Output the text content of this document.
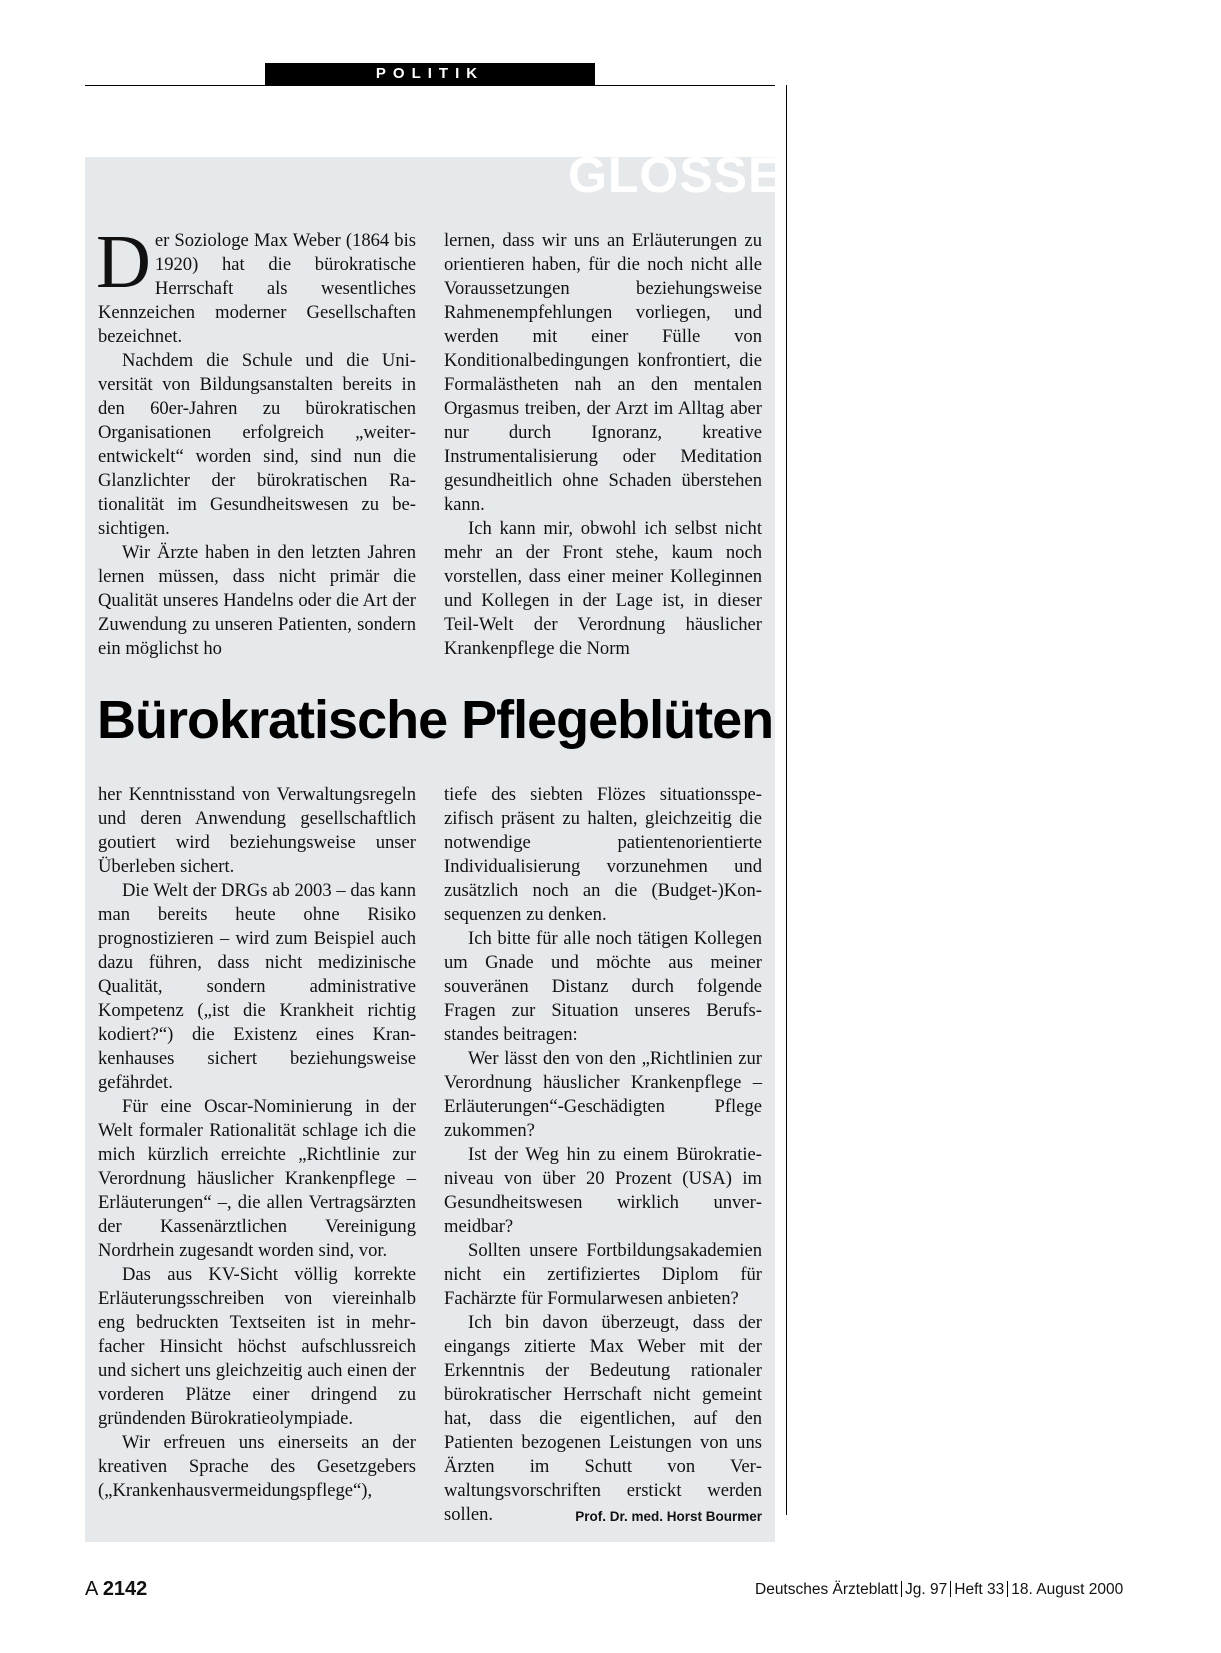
POLITIK
GLOSSE

Der Soziologe Max Weber (1864 bis 1920) hat die bürokratische Herrschaft als wesentliches Kennzeichen moderner Gesellschaften bezeichnet.

Nachdem die Schule und die Universität von Bildungsanstalten bereits in den 60er-Jahren zu bürokratischen Organisationen erfolgreich „weiterentwickelt“ worden sind, sind nun die Glanzlichter der bürokratischen Rationalität im Gesundheitswesen zu besichtigen.

Wir Ärzte haben in den letzten Jahren lernen müssen, dass nicht primär die Qualität unseres Handelns oder die Art der Zuwendung zu unseren Patienten, sondern ein möglichst ho

lernen, dass wir uns an Erläuterungen zu orientieren haben, für die noch nicht alle Voraussetzungen beziehungsweise Rahmenempfehlungen vorliegen, und werden mit einer Fülle von Konditionalbedingungen konfrontiert, die Formalästheten nah an den mentalen Orgasmus treiben, der Arzt im Alltag aber nur durch Ignoranz, kreative Instrumentalisierung oder Meditation gesundheitlich ohne Schaden überstehen kann.

Ich kann mir, obwohl ich selbst nicht mehr an der Front stehe, kaum noch vorstellen, dass einer meiner Kolleginnen und Kollegen in der Lage ist, in dieser Teil-Welt der Verordnung häuslicher Krankenpflege die Norm

Bürokratische Pflegeblüten

her Kenntnisstand von Verwaltungsregeln und deren Anwendung gesellschaftlich goutiert wird beziehungsweise unser Überleben sichert.

Die Welt der DRGs ab 2003 – das kann man bereits heute ohne Risiko prognostizieren – wird zum Beispiel auch dazu führen, dass nicht medizinische Qualität, sondern administrative Kompetenz („ist die Krankheit richtig kodiert?“) die Existenz eines Krankenhauses sichert beziehungsweise gefährdet.

Für eine Oscar-Nominierung in der Welt formaler Rationalität schlage ich die mich kürzlich erreichte „Richtlinie zur Verordnung häuslicher Krankenpflege – Erläuterungen“ –, die allen Vertragsärzten der Kassenärztlichen Vereinigung Nordrhein zugesandt worden sind, vor.

Das aus KV-Sicht völlig korrekte Erläuterungsschreiben von viereinhalb eng bedruckten Textseiten ist in mehrfacher Hinsicht höchst aufschlussreich und sichert uns gleichzeitig auch einen der vorderen Plätze einer dringend zu gründenden Bürokratieolympiade.

Wir erfreuen uns einerseits an der kreativen Sprache des Gesetzgebers („Krankenhausvermeidungspflege“),

tiefe des siebten Flözes situationsspezifisch präsent zu halten, gleichzeitig die notwendige patientenorientierte Individualisierung vorzunehmen und zusätzlich noch an die (Budget-)Konsequenzen zu denken.

Ich bitte für alle noch tätigen Kollegen um Gnade und möchte aus meiner souveränen Distanz durch folgende Fragen zur Situation unseres Berufsstandes beitragen:

Wer lässt den von den „Richtlinien zur Verordnung häuslicher Krankenpflege – Erläuterungen“-Geschädigten Pflege zukommen?

Ist der Weg hin zu einem Bürokratieniveau von über 20 Prozent (USA) im Gesundheitswesen wirklich unvermeidbar?

Sollten unsere Fortbildungsakademien nicht ein zertifiziertes Diplom für Fachärzte für Formularwesen anbieten?

Ich bin davon überzeugt, dass der eingangs zitierte Max Weber mit der Erkenntnis der Bedeutung rationaler bürokratischer Herrschaft nicht gemeint hat, dass die eigentlichen, auf den Patienten bezogenen Leistungen von uns Ärzten im Schutt von Verwaltungsvorschriften erstickt werden sollen.	Prof. Dr. med. Horst Bourmer

A 2142	Deutsches Ärzteblatt Jg. 97 Heft 33 18. August 2000
